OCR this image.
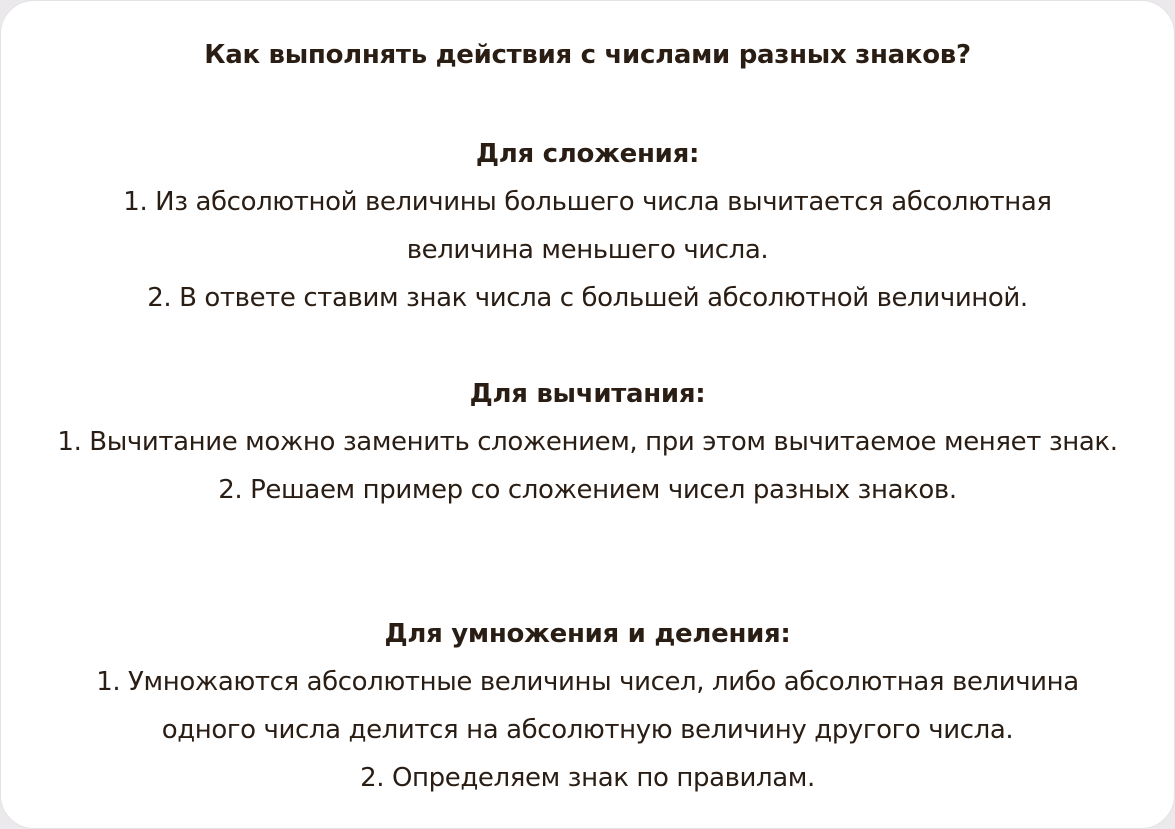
Как выполнять действия с числами разных знаков?
Для сложения:
1. Из абсолютной величины большего числа вычитается абсолютная величина меньшего числа.
2. В ответе ставим знак числа с большей абсолютной величиной.
Для вычитания:
1. Вычитание можно заменить сложением, при этом вычитаемое меняет знак.
2. Решаем пример со сложением чисел разных знаков.
Для умножения и деления:
1. Умножаются абсолютные величины чисел, либо абсолютная величина одного числа делится на абсолютную величину другого числа.
2. Определяем знак по правилам.
